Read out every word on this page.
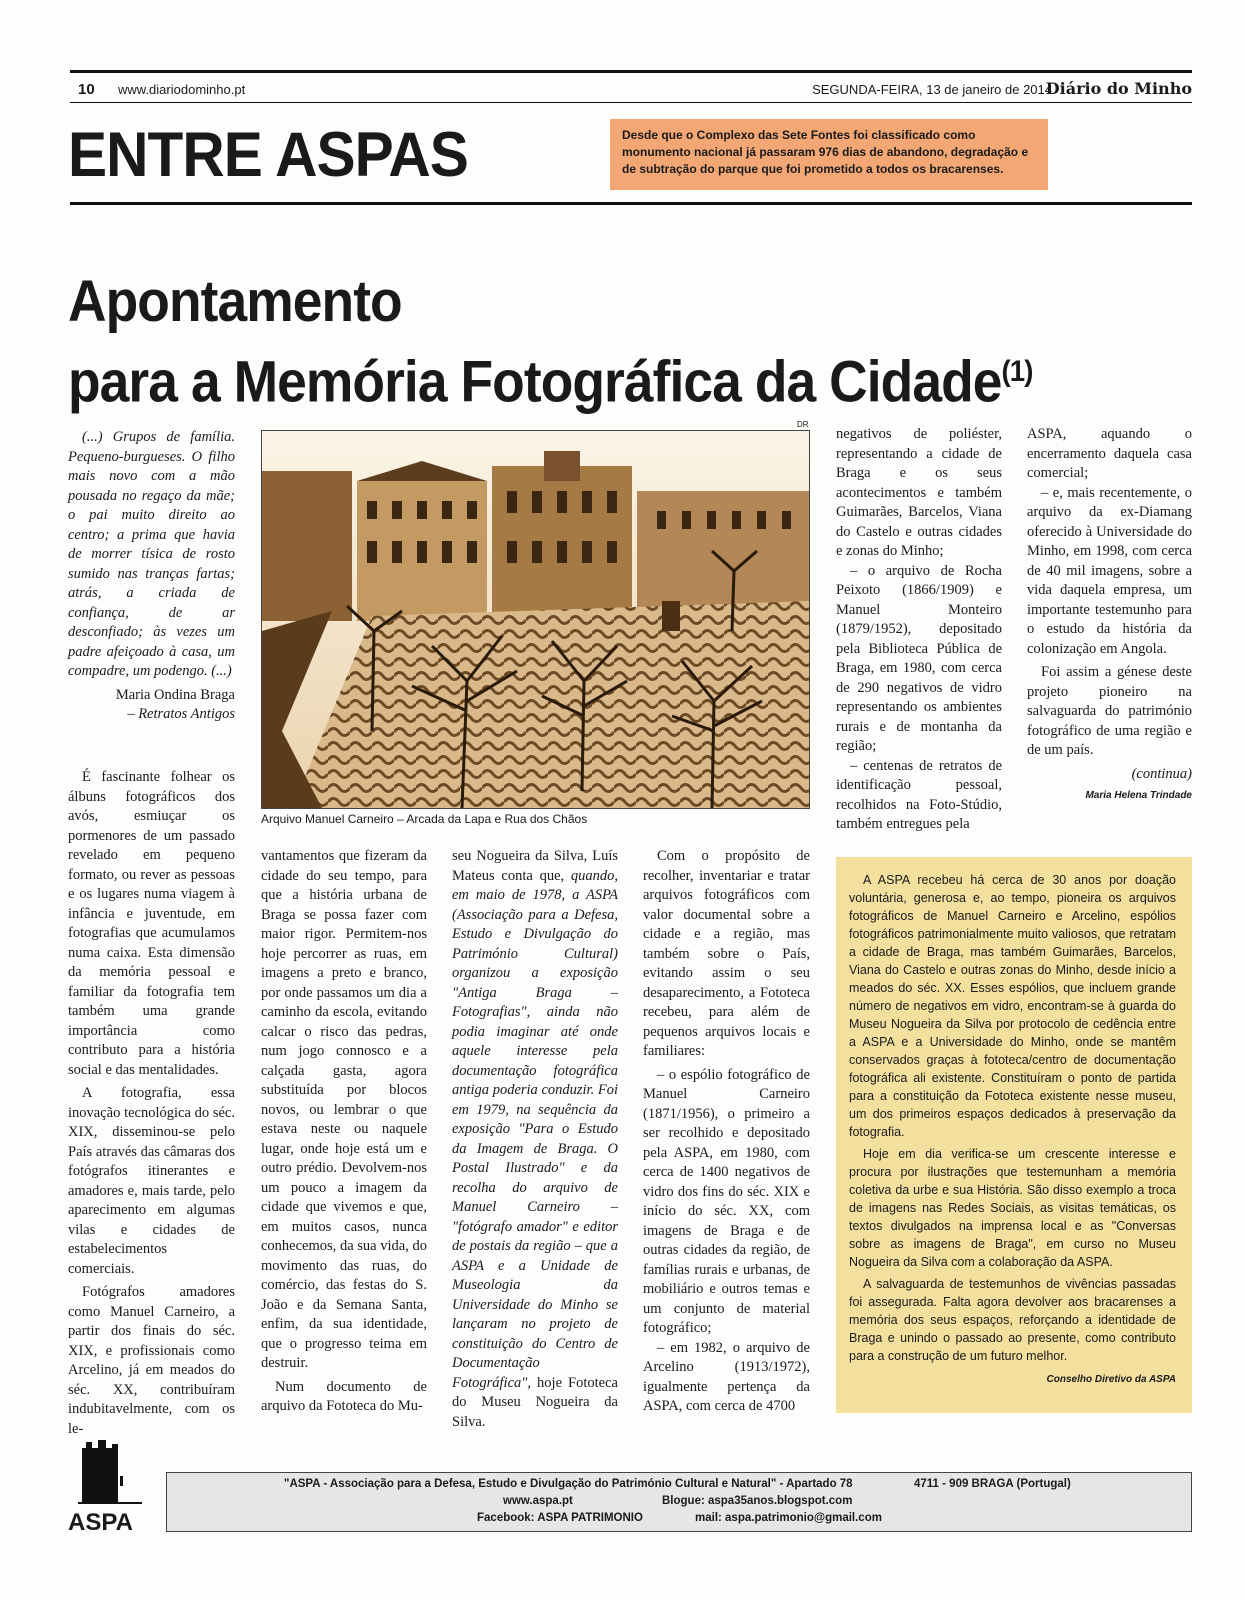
10 www.diariodominho.pt	SEGUNDA-FEIRA, 13 de janeiro de 2014
Diário do Minho
ENTRE ASPAS	Desde que o Complexo das Sete Fontes foi classificado como monumento nacional já passaram 976 dias de abandono, degradação e de subtração do parque que foi prometido a todos os bracarenses.
Apontamento
para a Memória Fotográfica da Cidade$^{(1)}$

(...) Grupos de família. Pequeno-burgueses. O filho mais novo com a mão pousada no regaço da mãe; o pai muito direito ao centro; a prima que havia de morrer tísica de rosto sumido nas tranças fartas; atrás, a criada de confiança, de ar desconfiado; às vezes um padre afeiçoado à casa, um compadre, um podengo. (...)

Maria Ondina Braga

– Retratos Antigos

DR
Arquivo Manuel Carneiro – Arcada da Lapa e Rua dos Chãos

É fascinante folhear os álbuns fotográficos dos avós, esmiuçar os pormenores de um passado revelado em pequeno formato, ou rever as pessoas e os lugares numa viagem à infância e juventude, em fotografias que acumulamos numa caixa. Esta dimensão da memória pessoal e familiar da fotografia tem também uma grande importância como contributo para a história social e das mentalidades.

A fotografia, essa inovação tecnológica do séc. XIX, disseminou-se pelo País através das câmaras dos fotógrafos itinerantes e amadores e, mais tarde, pelo aparecimento em algumas vilas e cidades de estabelecimentos comerciais.

Fotógrafos amadores como Manuel Carneiro, a partir dos finais do séc. XIX, e profissionais como Arcelino, já em meados do séc. XX, contribuíram indubitavelmente, com os le-

vantamentos que fizeram da cidade do seu tempo, para que a história urbana de Braga se possa fazer com maior rigor. Permitem-nos hoje percorrer as ruas, em imagens a preto e branco, por onde passamos um dia a caminho da escola, evitando calcar o risco das pedras, num jogo connosco e a calçada gasta, agora substituída por blocos novos, ou lembrar o que estava neste ou naquele lugar, onde hoje está um e outro prédio. Devolvem-nos um pouco a imagem da cidade que vivemos e que, em muitos casos, nunca conhecemos, da sua vida, do movimento das ruas, do comércio, das festas do S. João e da Semana Santa, enfim, da sua identidade, que o progresso teima em destruir.

Num documento de arquivo da Fototeca do Mu-

seu Nogueira da Silva, Luís Mateus conta que, quando, em maio de 1978, a ASPA (Associação para a Defesa, Estudo e Divulgação do Património Cultural) organizou a exposição "Antiga Braga – Fotografias", ainda não podia imaginar até onde aquele interesse pela documentação fotográfica antiga poderia conduzir. Foi em 1979, na sequência da exposição "Para o Estudo da Imagem de Braga. O Postal Ilustrado" e da recolha do arquivo de Manuel Carneiro – "fotógrafo amador" e editor de postais da região – que a ASPA e a Unidade de Museologia da Universidade do Minho se lançaram no projeto de constituição do Centro de Documentação Fotográfica", hoje Fototeca do Museu Nogueira da Silva.

Com o propósito de recolher, inventariar e tratar arquivos fotográficos com valor documental sobre a cidade e a região, mas também sobre o País, evitando assim o seu desaparecimento, a Fototeca recebeu, para além de pequenos arquivos locais e familiares:

– o espólio fotográfico de Manuel Carneiro (1871/1956), o primeiro a ser recolhido e depositado pela ASPA, em 1980, com cerca de 1400 negativos de vidro dos fins do séc. XIX e início do séc. XX, com imagens de Braga e de outras cidades da região, de famílias rurais e urbanas, de mobiliário e outros temas e um conjunto de material fotográfico;

– em 1982, o arquivo de Arcelino (1913/1972), igualmente pertença da ASPA, com cerca de 4700

negativos de poliéster, representando a cidade de Braga e os seus acontecimentos e também Guimarães, Barcelos, Viana do Castelo e outras cidades e zonas do Minho;

– o arquivo de Rocha Peixoto (1866/1909) e Manuel Monteiro (1879/1952), depositado pela Biblioteca Pública de Braga, em 1980, com cerca de 290 negativos de vidro representando os ambientes rurais e de montanha da região;

– centenas de retratos de identificação pessoal, recolhidos na Foto-Stúdio, também entregues pela

ASPA, aquando o encerramento daquela casa comercial;

– e, mais recentemente, o arquivo da ex-Diamang oferecido à Universidade do Minho, em 1998, com cerca de 40 mil imagens, sobre a vida daquela empresa, um importante testemunho para o estudo da história da colonização em Angola.

Foi assim a génese deste projeto pioneiro na salvaguarda do património fotográfico de uma região e de um país.

(continua)

Maria Helena Trindade

A ASPA recebeu há cerca de 30 anos por doação voluntária, generosa e, ao tempo, pioneira os arquivos fotográficos de Manuel Carneiro e Arcelino, espólios fotográficos patrimonialmente muito valiosos, que retratam a cidade de Braga, mas também Guimarães, Barcelos, Viana do Castelo e outras zonas do Minho, desde início a meados do séc. XX. Esses espólios, que incluem grande número de negativos em vidro, encontram-se à guarda do Museu Nogueira da Silva por protocolo de cedência entre a ASPA e a Universidade do Minho, onde se mantêm conservados graças à fototeca/centro de documentação fotográfica ali existente. Constituíram o ponto de partida para a constituição da Fototeca existente nesse museu, um dos primeiros espaços dedicados à preservação da fotografia.

Hoje em dia verifica-se um crescente interesse e procura por ilustrações que testemunham a memória coletiva da urbe e sua História. São disso exemplo a troca de imagens nas Redes Sociais, as visitas temáticas, os textos divulgados na imprensa local e as "Conversas sobre as imagens de Braga", em curso no Museu Nogueira da Silva com a colaboração da ASPA.

A salvaguarda de testemunhos de vivências passadas foi assegurada. Falta agora devolver aos bracarenses a memória dos seus espaços, reforçando a identidade de Braga e unindo o passado ao presente, como contributo para a construção de um futuro melhor.

Conselho Diretivo da ASPA

ASPA
"ASPA - Associação para a Defesa, Estudo e Divulgação do Património Cultural e Natural" - Apartado 78	4711 - 909 BRAGA (Portugal)
www.aspa.pt	Blogue: aspa35anos.blogspot.com
Facebook: ASPA PATRIMONIO	mail: aspa.patrimonio@gmail.com
